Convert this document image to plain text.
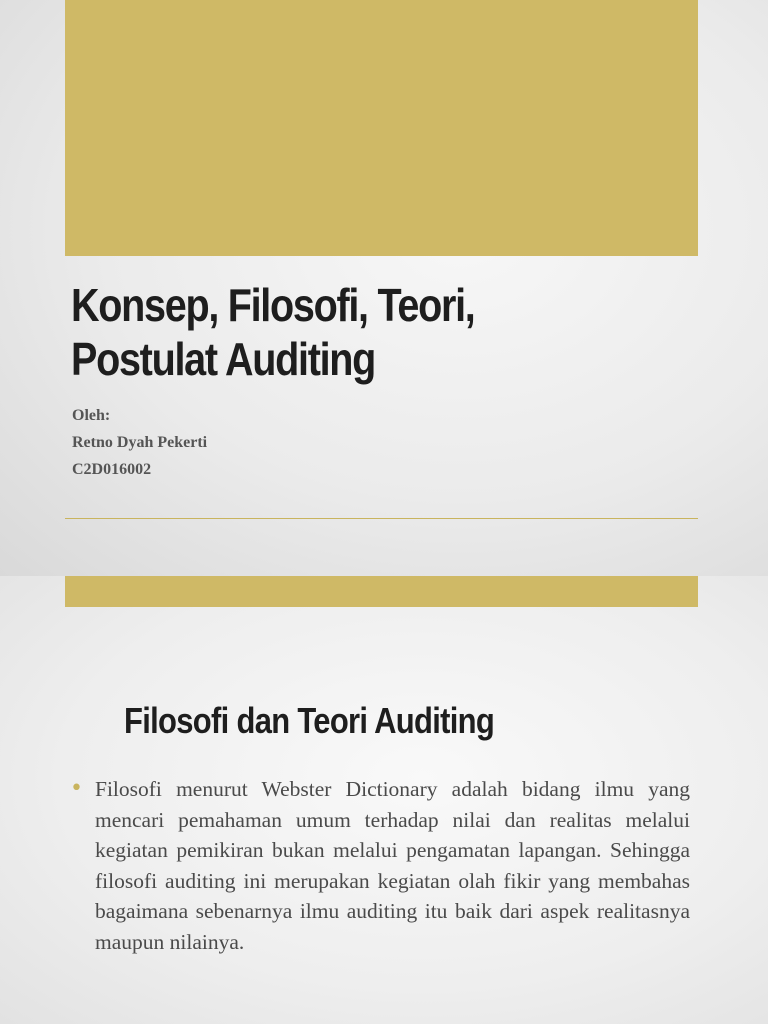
Konsep, Filosofi, Teori,
Postulat Auditing
Oleh:
Retno Dyah Pekerti
C2D016002
Filosofi dan Teori Auditing
• Filosofi menurut Webster Dictionary adalah bidang ilmu yang mencari pemahaman umum terhadap nilai dan realitas melalui kegiatan pemikiran bukan melalui pengamatan lapangan. Sehingga filosofi auditing ini merupakan kegiatan olah fikir yang membahas bagaimana sebenarnya ilmu auditing itu baik dari aspek realitasnya maupun nilainya.
